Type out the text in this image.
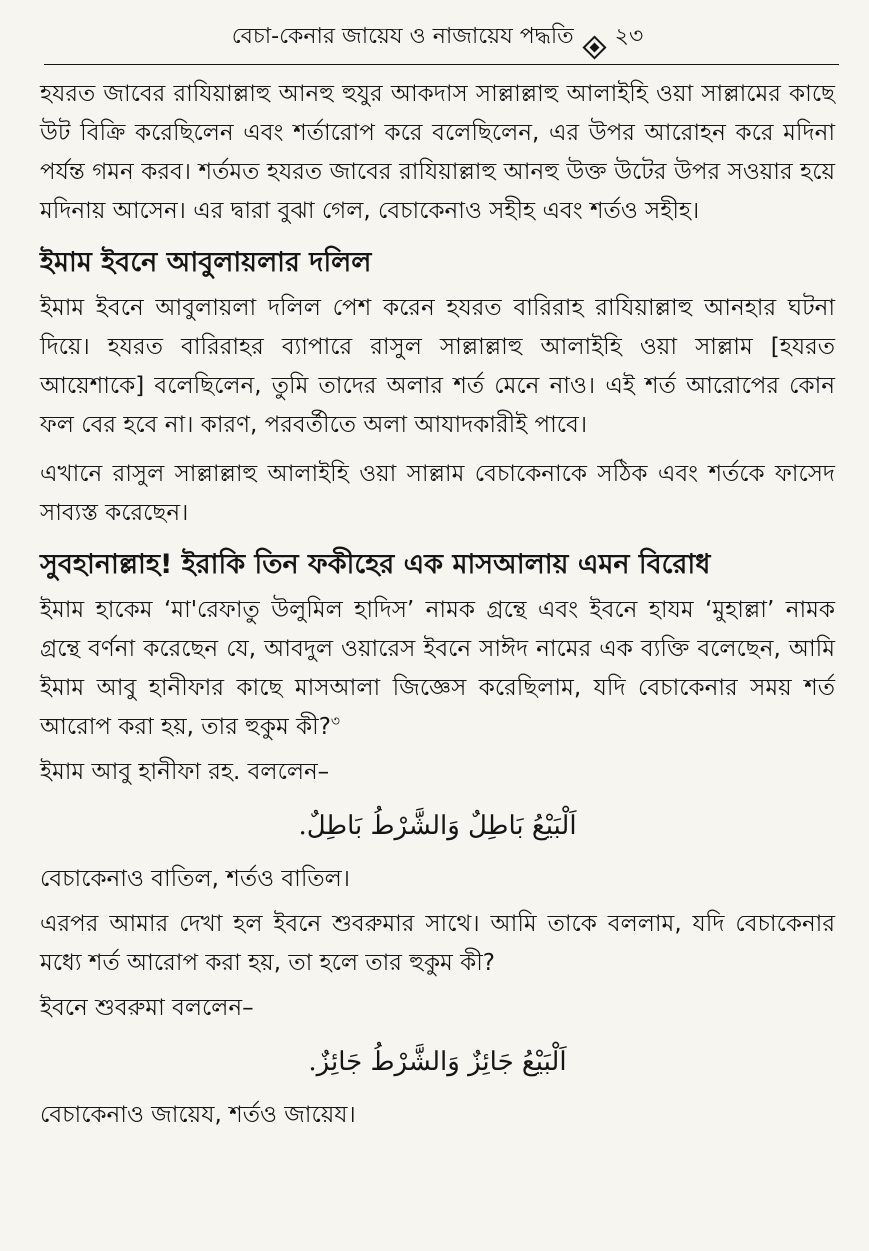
বেচা-কেনার জায়েয ও নাজায়েয পদ্ধতি ২৩

হযরত জাবের রাযিয়াল্লাহু আনহু হুযুর আকদাস সাল্লাল্লাহু আলাইহি ওয়া সাল্লামের কাছে উট বিক্রি করেছিলেন এবং শর্তারোপ করে বলেছিলেন, এর উপর আরোহন করে মদিনা পর্যন্ত গমন করব। শর্তমত হযরত জাবের রাযিয়াল্লাহু আনহু উক্ত উটের উপর সওয়ার হয়ে মদিনায় আসেন। এর দ্বারা বুঝা গেল, বেচাকেনাও সহীহ এবং শর্তও সহীহ।

ইমাম ইবনে আবুলায়লার দলিল

ইমাম ইবনে আবুলায়লা দলিল পেশ করেন হযরত বারিরাহ রাযিয়াল্লাহু আনহার ঘটনা দিয়ে। হযরত বারিরাহর ব্যাপারে রাসুল সাল্লাল্লাহু আলাইহি ওয়া সাল্লাম [হযরত আয়েশাকে] বলেছিলেন, তুমি তাদের অলার শর্ত মেনে নাও। এই শর্ত আরোপের কোন ফল বের হবে না। কারণ, পরবর্তীতে অলা আযাদকারীই পাবে।

এখানে রাসুল সাল্লাল্লাহু আলাইহি ওয়া সাল্লাম বেচাকেনাকে সঠিক এবং শর্তকে ফাসেদ সাব্যস্ত করেছেন।

সুবহানাল্লাহ! ইরাকি তিন ফকীহের এক মাসআলায় এমন বিরোধ

ইমাম হাকেম ‘মা'রেফাতু উলুমিল হাদিস’ নামক গ্রন্থে এবং ইবনে হাযম ‘মুহাল্লা’ নামক গ্রন্থে বর্ণনা করেছেন যে, আবদুল ওয়ারেস ইবনে সাঈদ নামের এক ব্যক্তি বলেছেন, আমি ইমাম আবু হানীফার কাছে মাসআলা জিজ্ঞেস করেছিলাম, যদি বেচাকেনার সময় শর্ত আরোপ করা হয়, তার হুকুম কী?$^৩$

ইমাম আবু হানীফা রহ. বললেন–

اَلْبَيْعُ بَاطِلٌ وَالشَّرْطُ بَاطِلٌ.

বেচাকেনাও বাতিল, শর্তও বাতিল।

এরপর আমার দেখা হল ইবনে শুবরুমার সাথে। আমি তাকে বললাম, যদি বেচাকেনার মধ্যে শর্ত আরোপ করা হয়, তা হলে তার হুকুম কী?

ইবনে শুবরুমা বললেন–

اَلْبَيْعُ جَائِزٌ وَالشَّرْطُ جَائِزٌ.

বেচাকেনাও জায়েয, শর্তও জায়েয।
